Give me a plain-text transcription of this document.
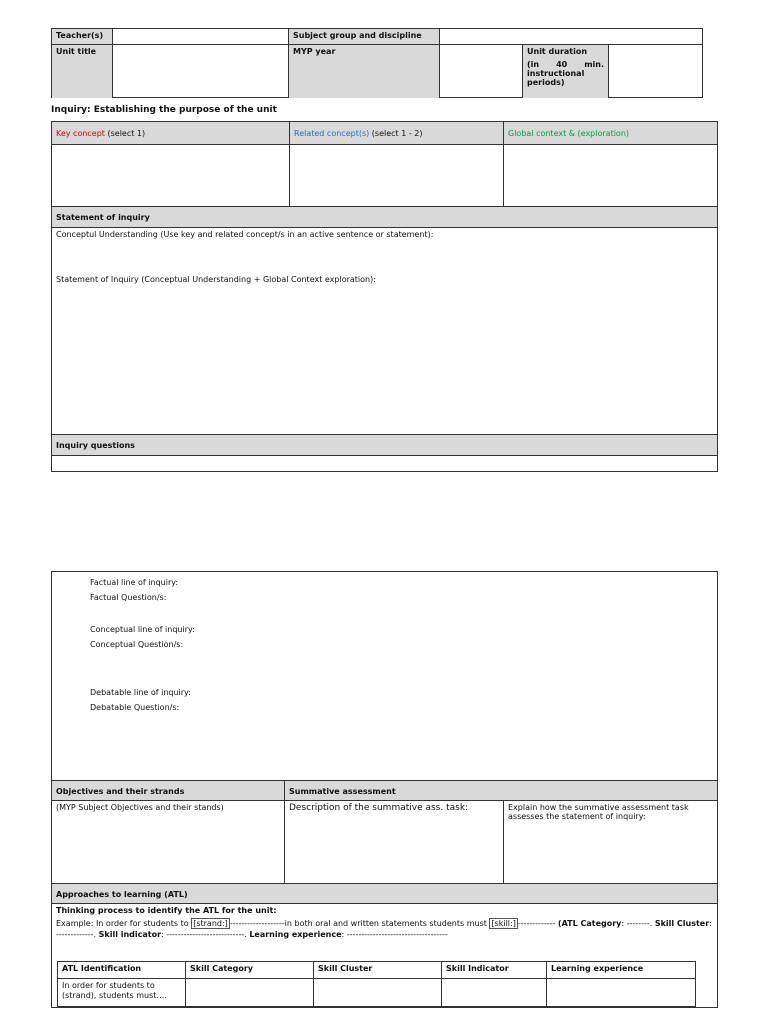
Teacher(s)	Subject group and discipline
Unit title	MYP year	Unit duration
(in 40 min. instructional periods)
Inquiry: Establishing the purpose of the unit
Key concept (select 1)	Related concept(s) (select 1 - 2)	Global context & (exploration)
Statement of inquiry
Conceptul Understanding (Use key and related concept/s in an active sentence or statement):
Statement of Inquiry (Conceptual Understanding + Global Context exploration):
Inquiry questions
Factual line of inquiry:
Factual Question/s:
Conceptual line of inquiry:
Conceptual Question/s:
Debatable line of inquiry:
Debatable Question/s:
Objectives and their strands	Summative assessment
(MYP Subject Objectives and their stands)	Description of the summative ass. task:	Explain how the summative assessment task assesses the statement of inquiry:
Approaches to learning (ATL)
Thinking process to identify the ATL for the unit:
Example: In order for students to [strand:] -------------------in both oral and written statements students must [skill:] ------------- (ATL Category: --------. Skill Cluster: -------------. Skill indicator: ---------------------------. Learning experience: -----------------------------------
ATL Identification	Skill Category	Skill Cluster	Skill Indicator	Learning experience
In order for students to (strand), students must….				
